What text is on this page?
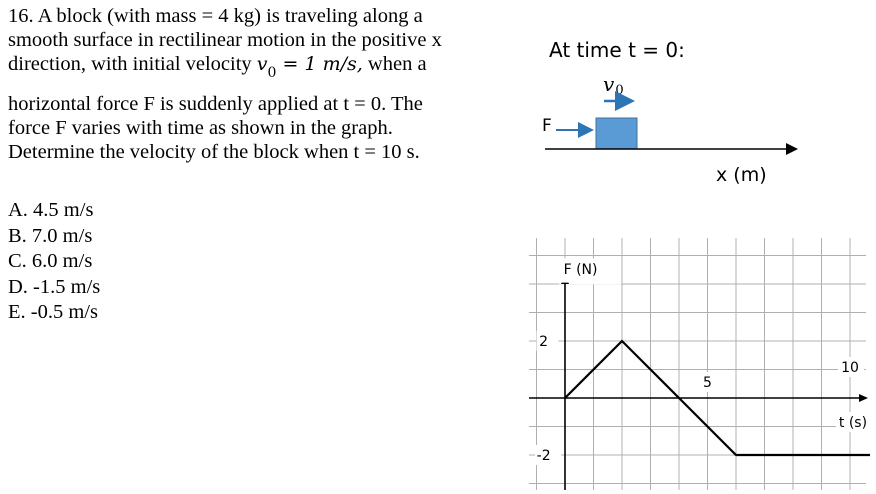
16. A block (with mass = 4 kg) is traveling along a

smooth surface in rectilinear motion in the positive x

direction, with initial velocity $v_0 = 1$ m/s, when a

horizontal force F is suddenly applied at t = 0. The

force F varies with time as shown in the graph.

Determine the velocity of the block when t = 10 s.

A. 4.5 m/s
B. 7.0 m/s
C. 6.0 m/s
D. -1.5 m/s
E. -0.5 m/s
At time t = 0:
v0
F
x (m)
F (N)
2
-2
5
10
t (s)
